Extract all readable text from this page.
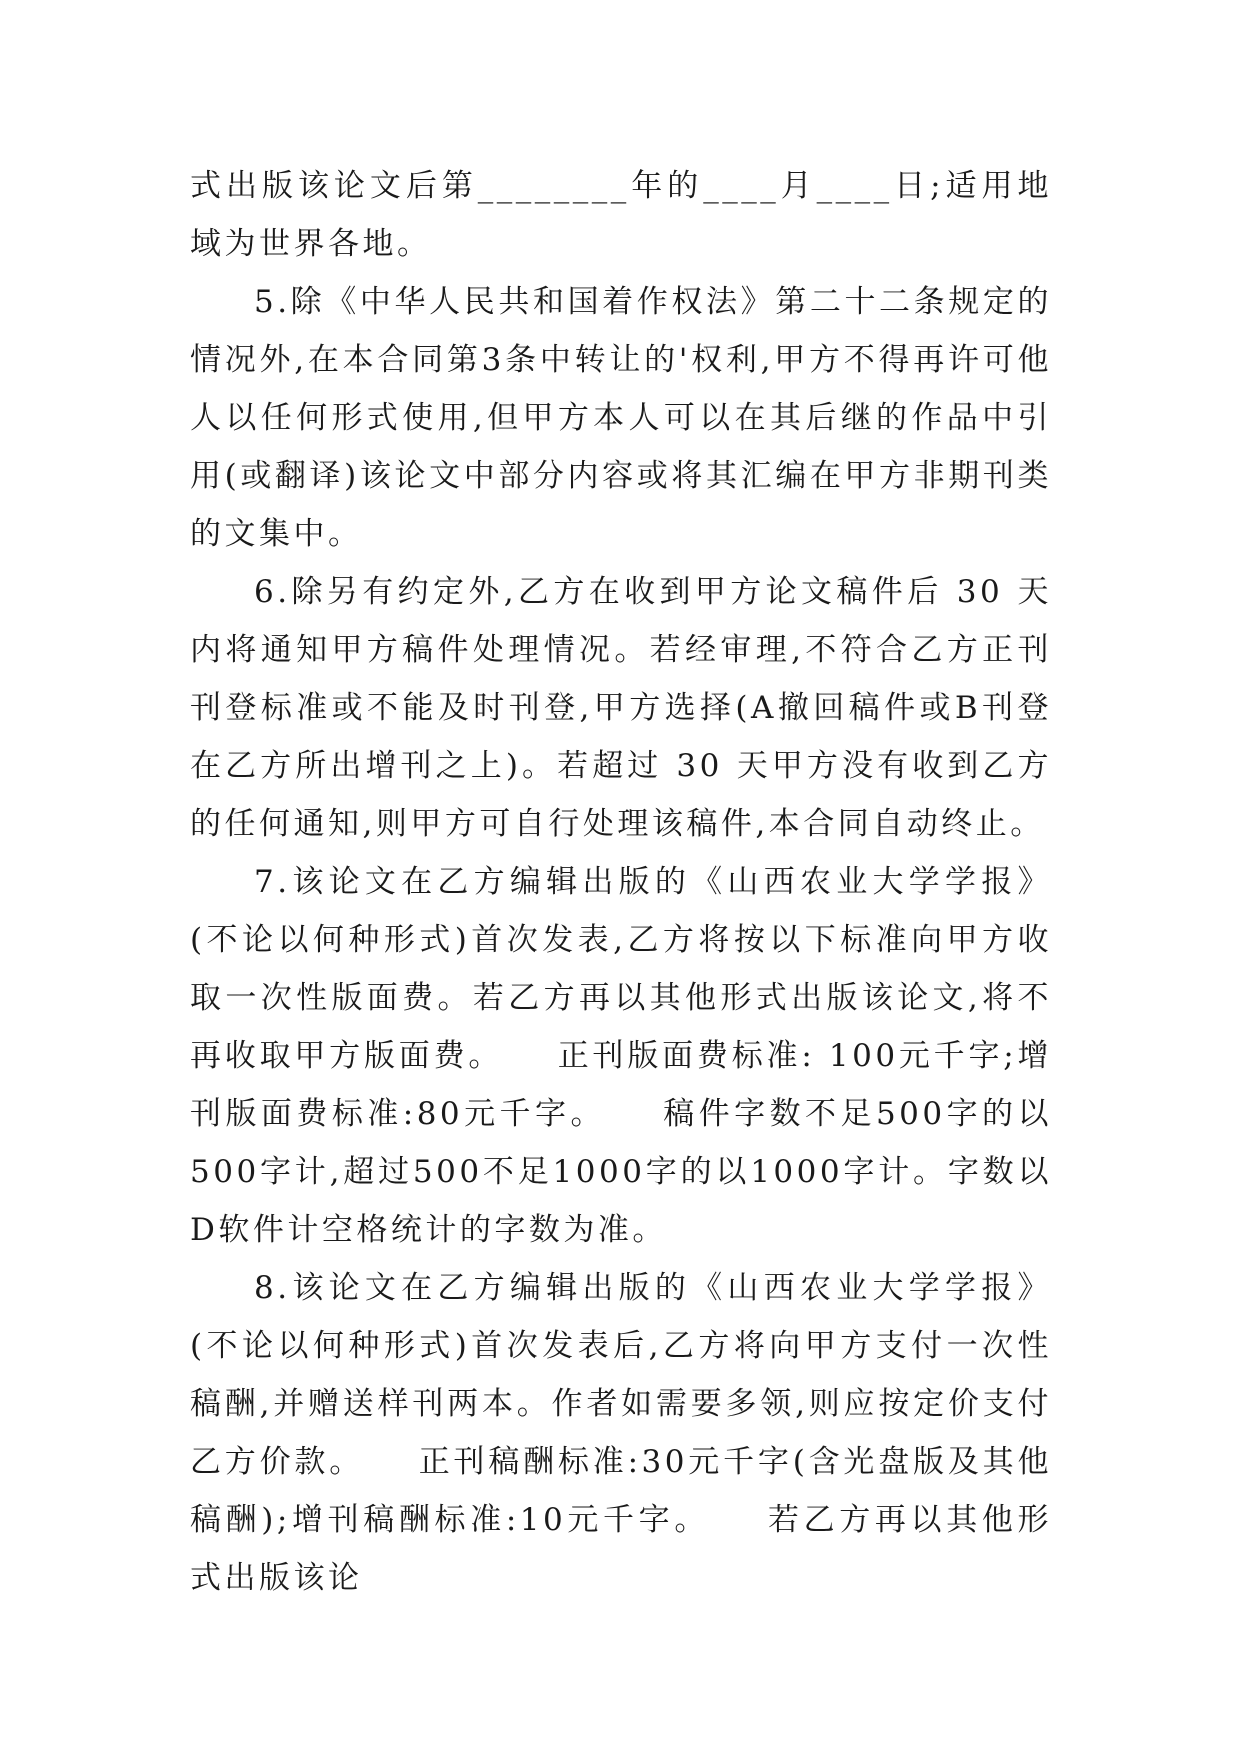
式出版该论文后第________年的____月____日;适用地域为世界各地。

5.除《中华人民共和国着作权法》第二十二条规定的情况外,在本合同第3条中转让的'权利,甲方不得再许可他人以任何形式使用,但甲方本人可以在其后继的作品中引用(或翻译)该论文中部分内容或将其汇编在甲方非期刊类的文集中。

6.除另有约定外,乙方在收到甲方论文稿件后 30 天内将通知甲方稿件处理情况。若经审理,不符合乙方正刊刊登标准或不能及时刊登,甲方选择(A撤回稿件或B刊登在乙方所出增刊之上)。若超过 30 天甲方没有收到乙方的任何通知,则甲方可自行处理该稿件,本合同自动终止。

7.该论文在乙方编辑出版的《山西农业大学学报》(不论以何种形式)首次发表,乙方将按以下标准向甲方收取一次性版面费。若乙方再以其他形式出版该论文,将不再收取甲方版面费。    正刊版面费标准: 100元千字;增刊版面费标准:80元千字。    稿件字数不足500字的以500字计,超过500不足1000字的以1000字计。字数以D软件计空格统计的字数为准。

8.该论文在乙方编辑出版的《山西农业大学学报》(不论以何种形式)首次发表后,乙方将向甲方支付一次性稿酬,并赠送样刊两本。作者如需要多领,则应按定价支付乙方价款。    正刊稿酬标准:30元千字(含光盘版及其他稿酬);增刊稿酬标准:10元千字。    若乙方再以其他形式出版该论
